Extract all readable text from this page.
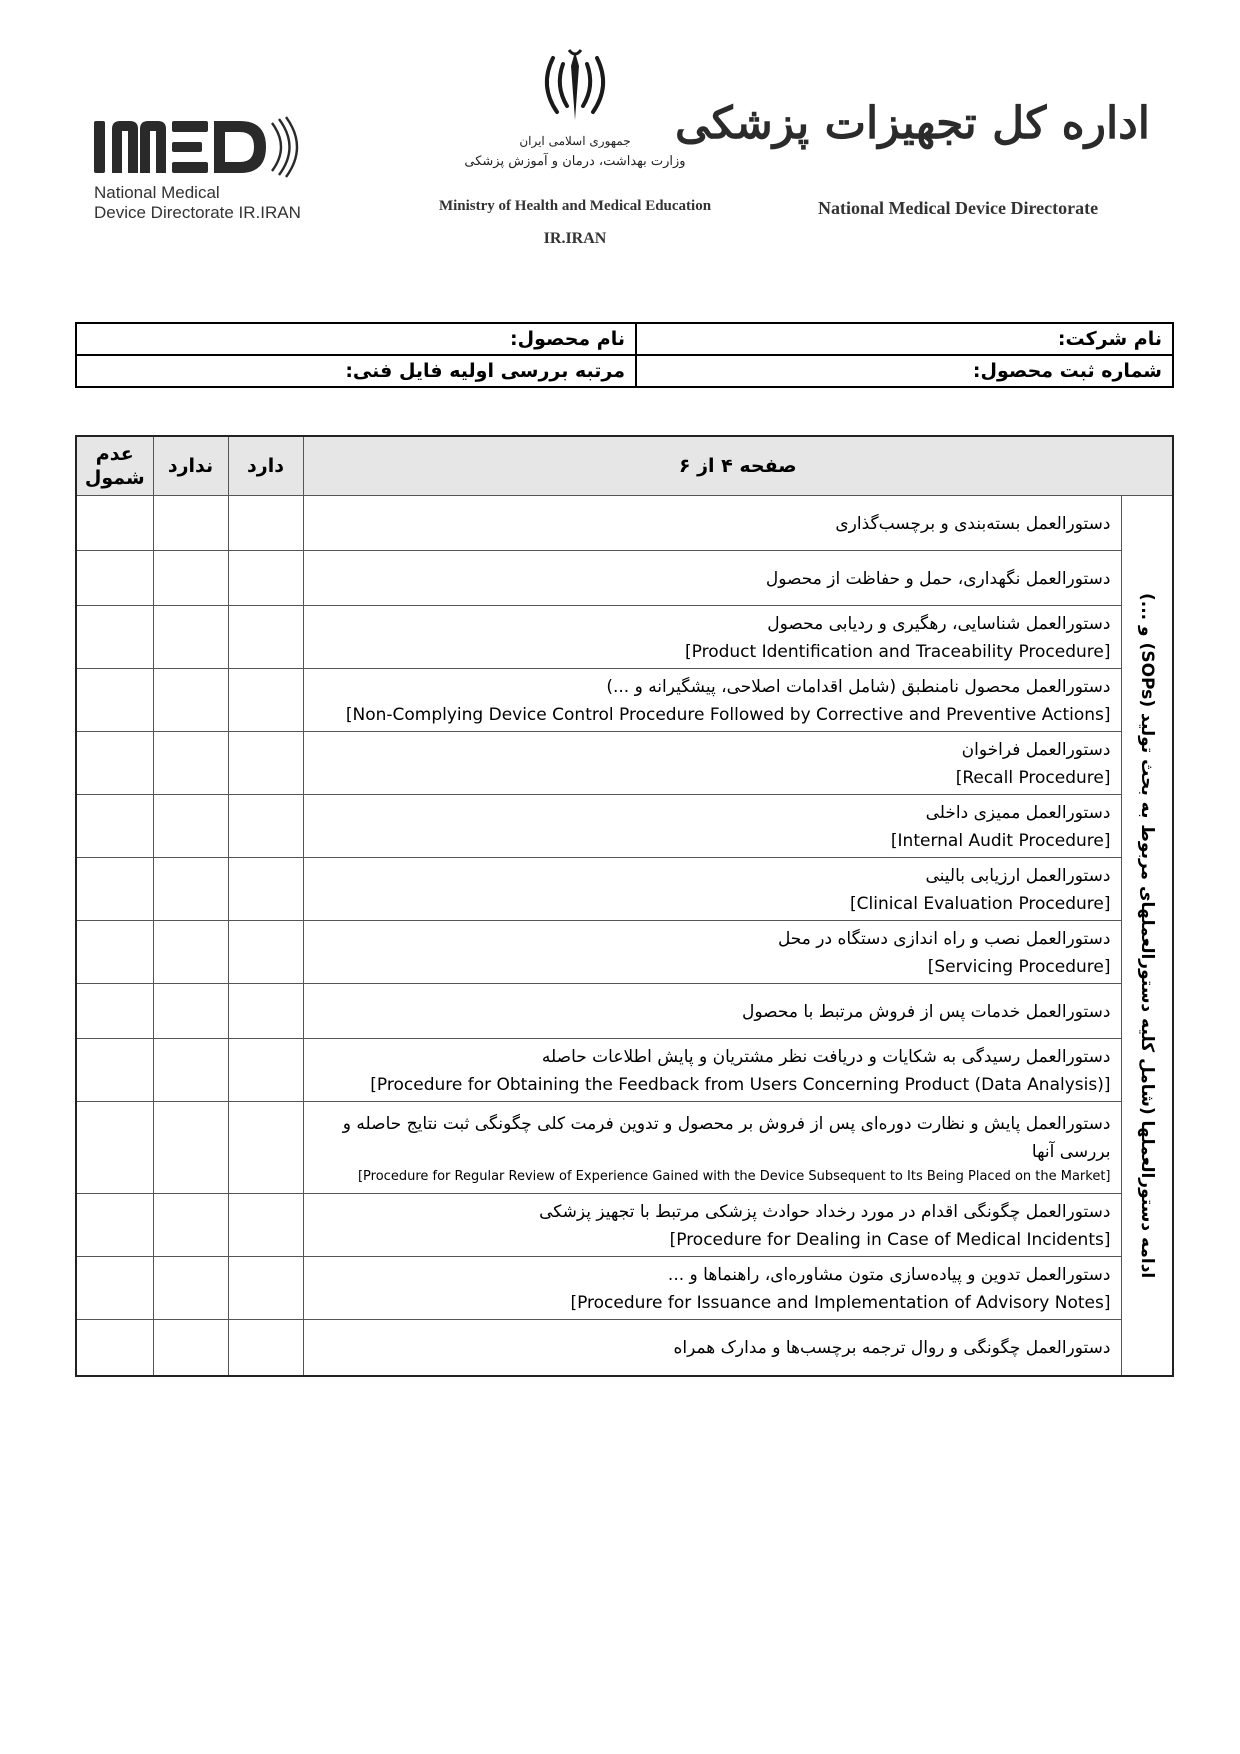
National Medical
Device Directorate IR.IRAN
جمهوری اسلامی ایران
وزارت بهداشت، درمان و آموزش پزشکی
Ministry of Health and Medical Education
IR.IRAN
اداره کل تجهیزات پزشکی
National Medical Device Directorate
نام شرکت:	نام محصول:
شماره ثبت محصول:	مرتبه بررسی اولیه فایل فنی:
صفحه ۴ از ۶		دارد	ندارد	عدم
شمول

ادامه دستورالعملها (شامل کلیه دستورالعملهای مربوط به بحث تولید (SOPs) و ...)	دستورالعمل بسته‌بندی و برچسب‌گذاری			

	دستورالعمل نگهداری، حمل و حفاظت از محصول			

	دستورالعمل شناسایی، رهگیری و ردیابی محصول
[Product Identification and Traceability Procedure]			

	دستورالعمل محصول نامنطبق (شامل اقدامات اصلاحی، پیشگیرانه و ...)
[Non-Complying Device Control Procedure Followed by Corrective and Preventive Actions]			

	دستورالعمل فراخوان
[Recall Procedure]			

	دستورالعمل ممیزی داخلی
[Internal Audit Procedure]			

	دستورالعمل ارزیابی بالینی
[Clinical Evaluation Procedure]			

	دستورالعمل نصب و راه اندازی دستگاه در محل
[Servicing Procedure]			

	دستورالعمل خدمات پس از فروش مرتبط با محصول			

	دستورالعمل رسیدگی به شکایات و دریافت نظر مشتریان و پایش اطلاعات حاصله
[Procedure for Obtaining the Feedback from Users Concerning Product (Data Analysis)]			

	دستورالعمل پایش و نظارت دوره‌ای پس از فروش بر محصول و تدوین فرمت کلی چگونگی ثبت نتایج حاصله و بررسی آنها
[Procedure for Regular Review of Experience Gained with the Device Subsequent to Its Being Placed on the Market]			

	دستورالعمل چگونگی اقدام در مورد رخداد حوادث پزشکی مرتبط با تجهیز پزشکی
[Procedure for Dealing in Case of Medical Incidents]			

	دستورالعمل تدوین و پیاده‌سازی متون مشاوره‌ای، راهنماها و ...
[Procedure for Issuance and Implementation of Advisory Notes]			

	دستورالعمل چگونگی و روال ترجمه برچسب‌ها و مدارک همراه			
